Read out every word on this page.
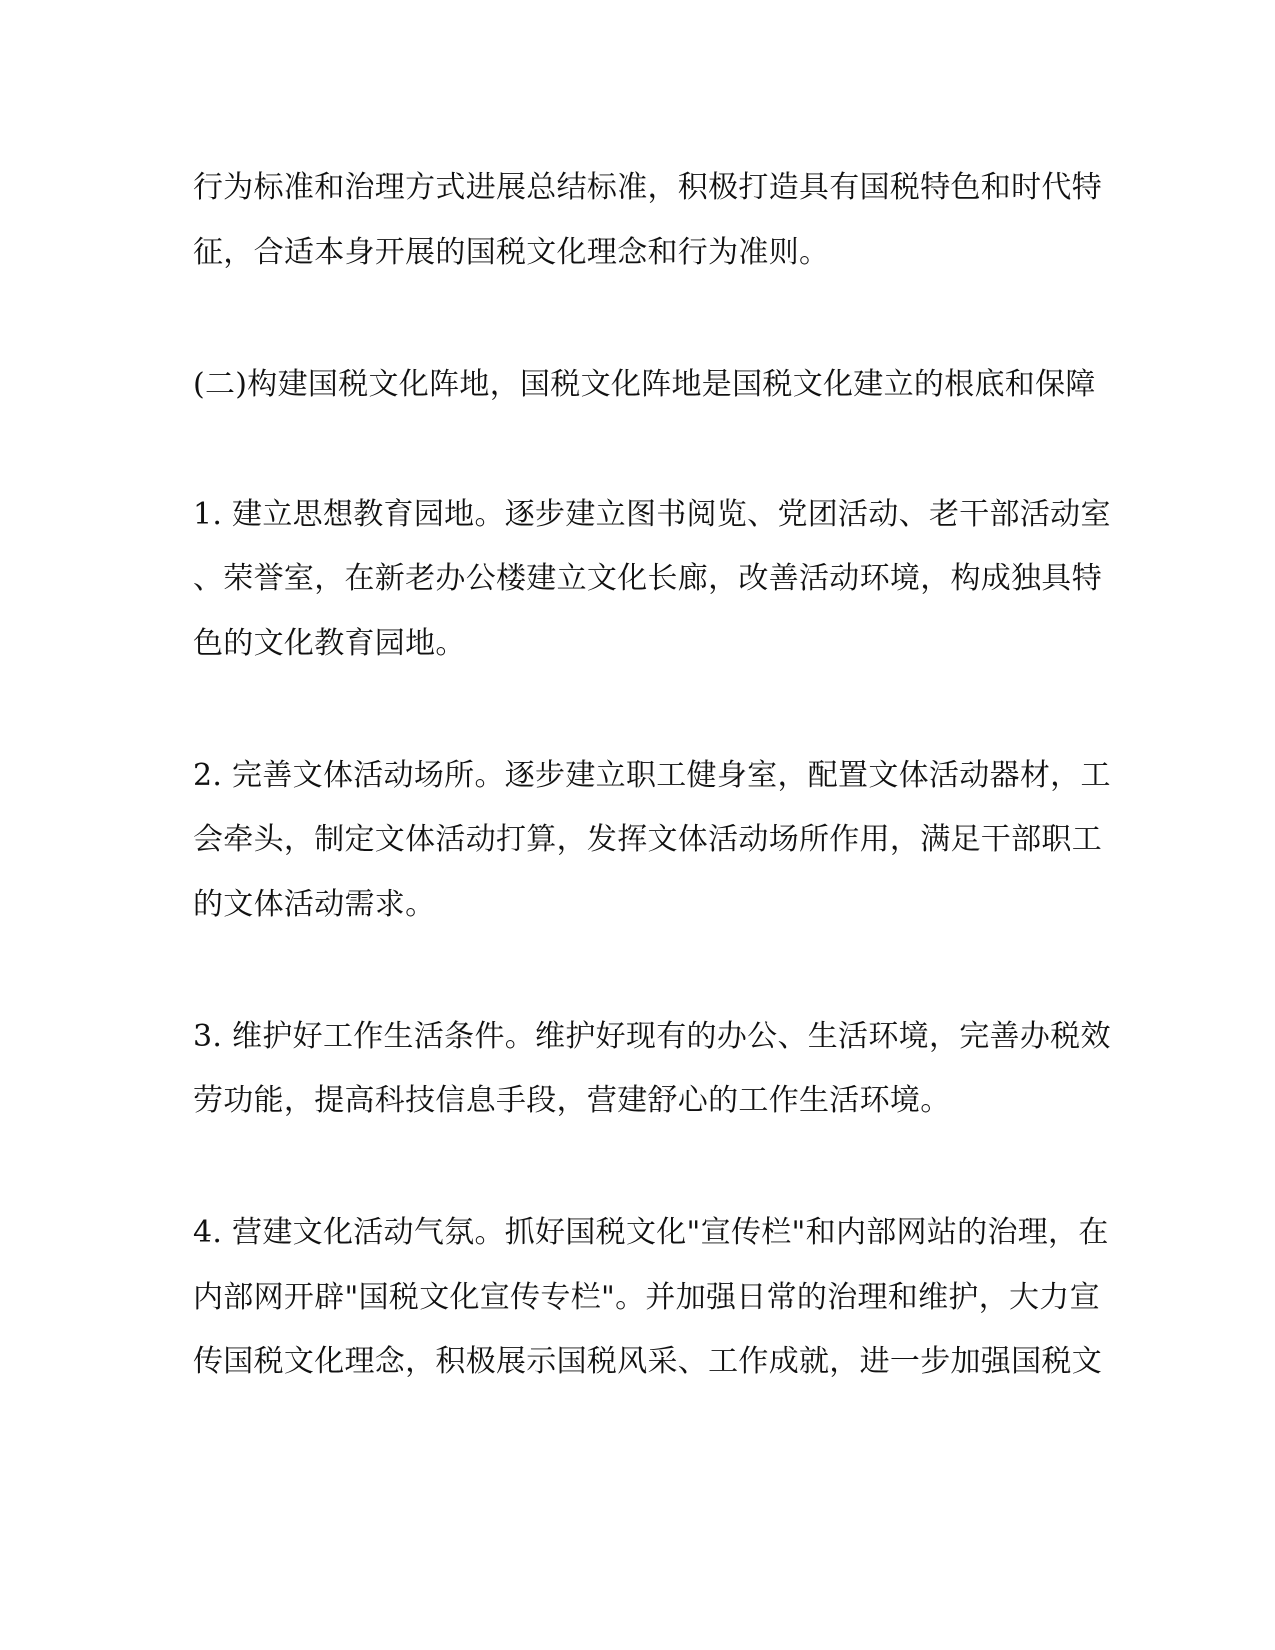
行为标准和治理方式进展总结标准，积极打造具有国税特色和时代特
征，合适本身开展的国税文化理念和行为准则。
(二)构建国税文化阵地，国税文化阵地是国税文化建立的根底和保障
1. 建立思想教育园地。逐步建立图书阅览、党团活动、老干部活动室
、荣誉室，在新老办公楼建立文化长廊，改善活动环境，构成独具特
色的文化教育园地。
2. 完善文体活动场所。逐步建立职工健身室，配置文体活动器材，工
会牵头，制定文体活动打算，发挥文体活动场所作用，满足干部职工
的文体活动需求。
3. 维护好工作生活条件。维护好现有的办公、生活环境，完善办税效
劳功能，提高科技信息手段，营建舒心的工作生活环境。
4. 营建文化活动气氛。抓好国税文化"宣传栏"和内部网站的治理，在
内部网开辟"国税文化宣传专栏"。并加强日常的治理和维护，大力宣
传国税文化理念，积极展示国税风采、工作成就，进一步加强国税文
